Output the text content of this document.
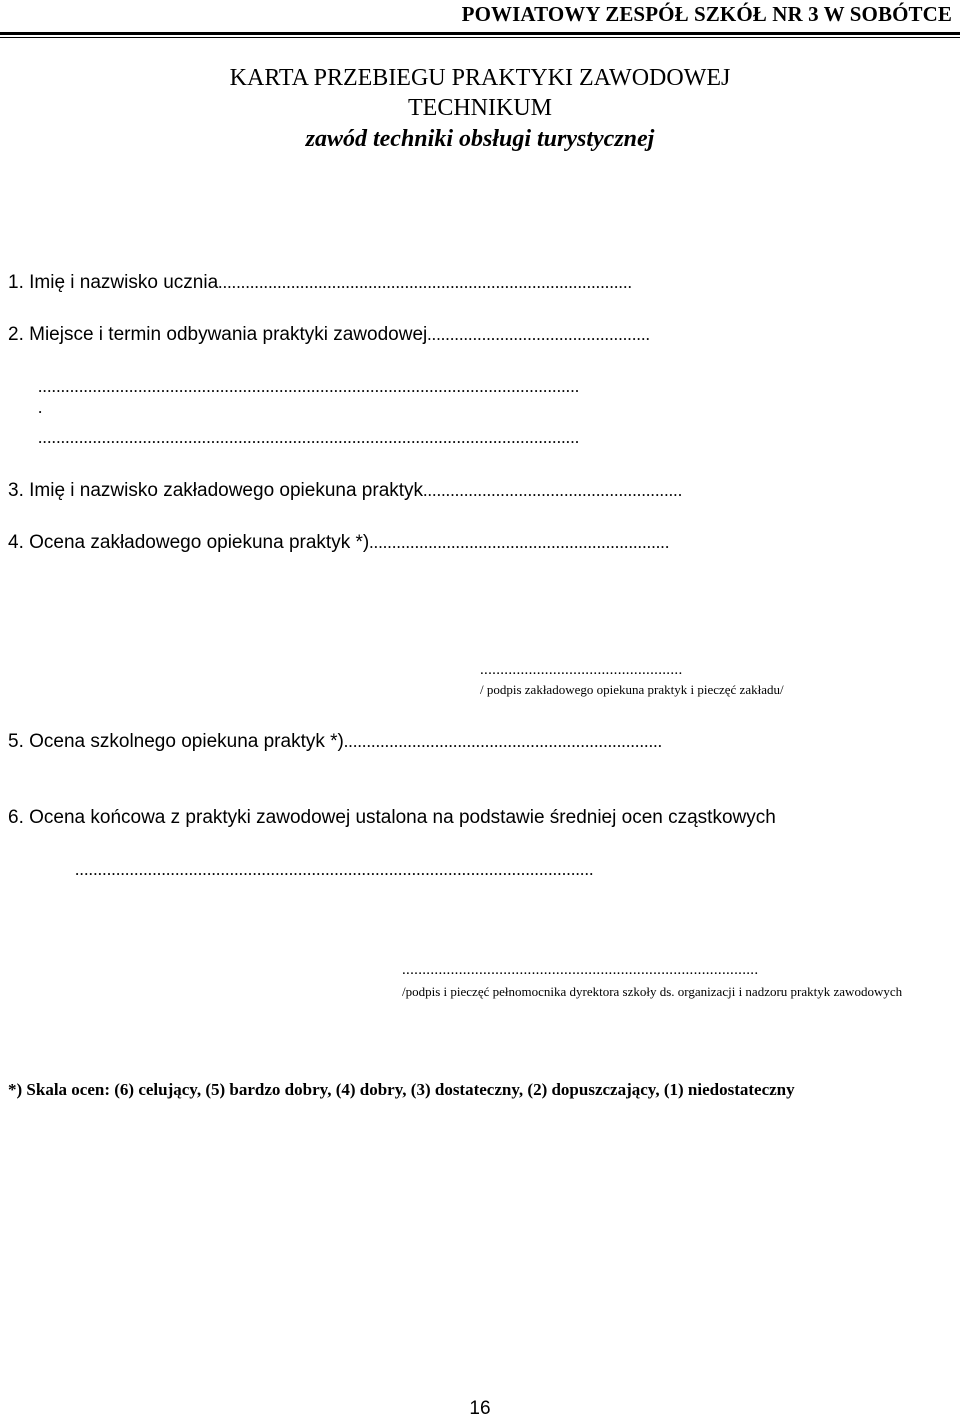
POWIATOWY ZESPÓŁ SZKÓŁ NR 3 W SOBÓTCE
KARTA PRZEBIEGU PRAKTYKI ZAWODOWEJ
TECHNIKUM
zawód techniki obsługi turystycznej
1. Imię i nazwisko ucznia...........................................................................................
2. Miejsce i termin odbywania praktyki zawodowej.................................................
.......................................................................................................................
.
.......................................................................................................................
3. Imię i nazwisko zakładowego opiekuna praktyk.........................................................
4. Ocena zakładowego opiekuna praktyk *)..................................................................
..................................................
/ podpis zakładowego opiekuna praktyk i pieczęć zakładu/
5. Ocena szkolnego opiekuna praktyk *)......................................................................
6. Ocena końcowa z praktyki zawodowej ustalona na podstawie średniej ocen cząstkowych
..................................................................................................................
........................................................................................
/podpis i pieczęć pełnomocnika dyrektora szkoły ds. organizacji i nadzoru praktyk zawodowych
*) Skala ocen: (6) celujący, (5) bardzo dobry, (4) dobry, (3) dostateczny, (2) dopuszczający, (1) niedostateczny
16
